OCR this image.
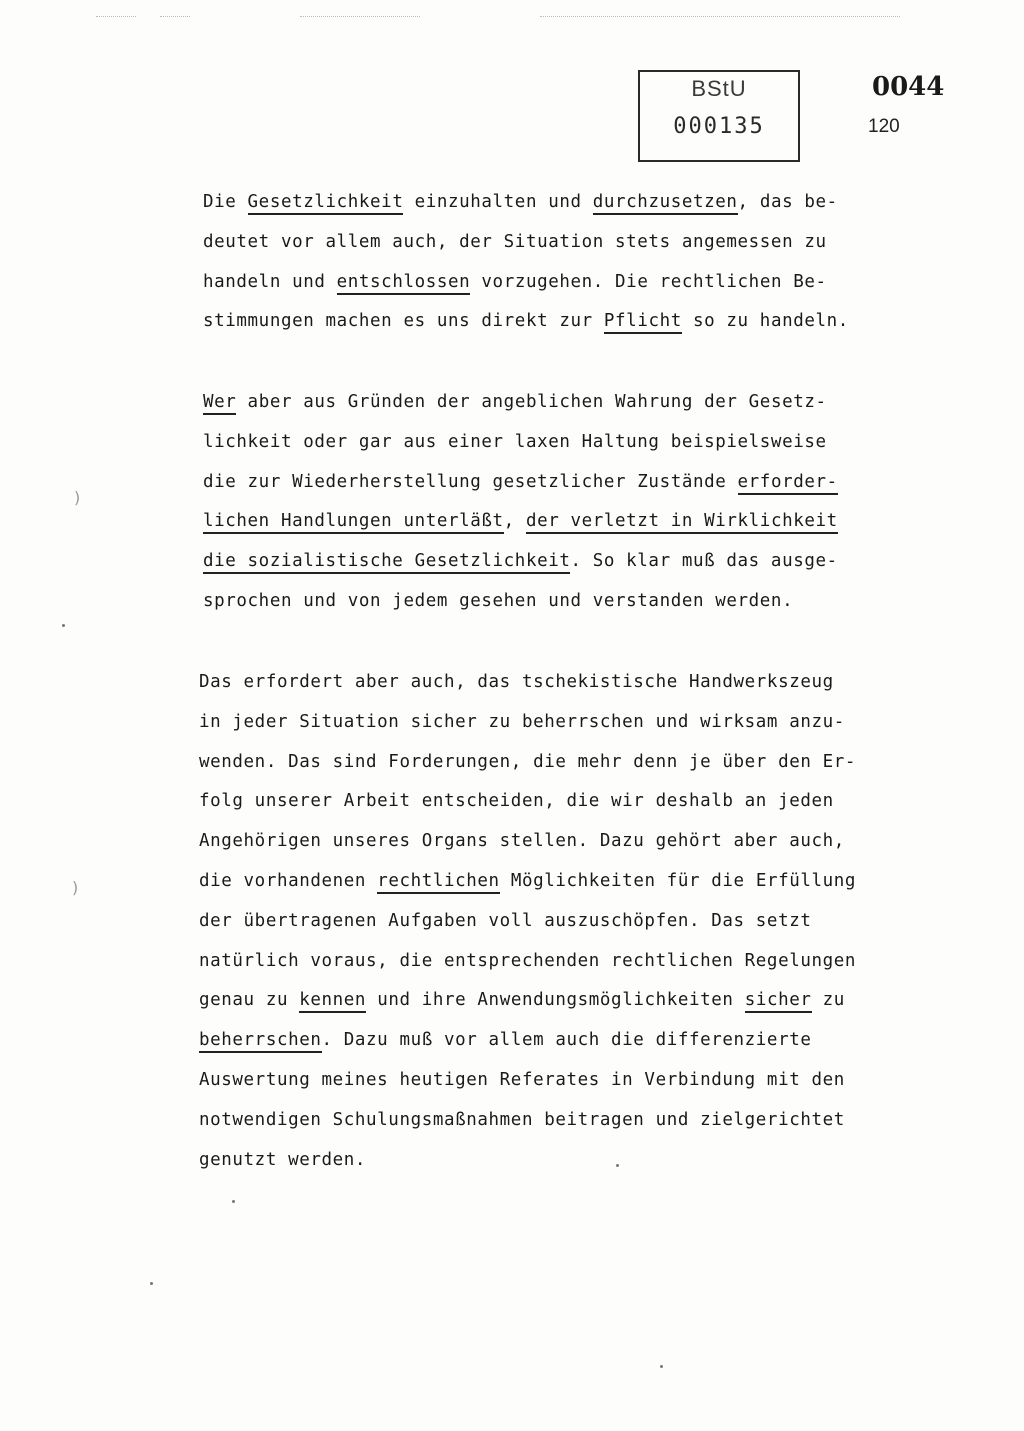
BStU
000135
0044
120
Die Gesetzlichkeit einzuhalten und durchzusetzen, das be-
deutet vor allem auch, der Situation stets angemessen zu
handeln und entschlossen vorzugehen. Die rechtlichen Be-
stimmungen machen es uns direkt zur Pflicht so zu handeln.
Wer aber aus Gründen der angeblichen Wahrung der Gesetz-
lichkeit oder gar aus einer laxen Haltung beispielsweise
die zur Wiederherstellung gesetzlicher Zustände erforder-
lichen Handlungen unterläßt, der verletzt in Wirklichkeit
die sozialistische Gesetzlichkeit. So klar muß das ausge-
sprochen und von jedem gesehen und verstanden werden.
Das erfordert aber auch, das tschekistische Handwerkszeug
in jeder Situation sicher zu beherrschen und wirksam anzu-
wenden. Das sind Forderungen, die mehr denn je über den Er-
folg unserer Arbeit entscheiden, die wir deshalb an jeden
Angehörigen unseres Organs stellen. Dazu gehört aber auch,
die vorhandenen rechtlichen Möglichkeiten für die Erfüllung
der übertragenen Aufgaben voll auszuschöpfen. Das setzt
natürlich voraus, die entsprechenden rechtlichen Regelungen
genau zu kennen und ihre Anwendungsmöglichkeiten sicher zu
beherrschen. Dazu muß vor allem auch die differenzierte
Auswertung meines heutigen Referates in Verbindung mit den
notwendigen Schulungsmaßnahmen beitragen und zielgerichtet
genutzt werden.
)
)
